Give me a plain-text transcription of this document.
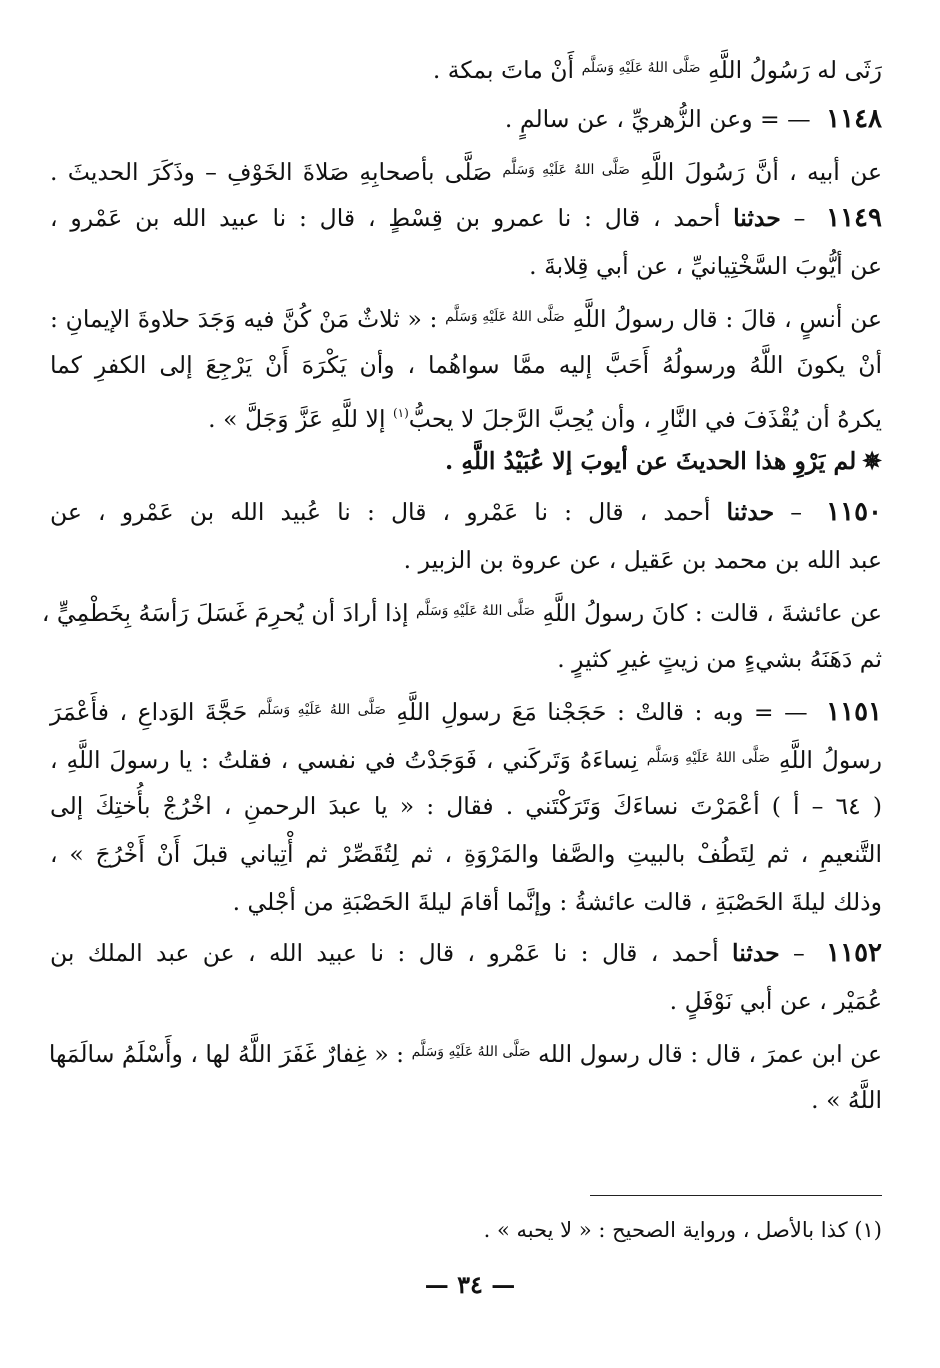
رَثَى له رَسُولُ اللَّهِ $^{صَلَّى اللهُ عَلَيْهِ وَسَلَّم}$ أَنْ ماتَ بمكة .
١١٤٨ — = وعن الزُّهريِّ ، عن سالمٍ .
عن أبيه ، أنَّ رَسُولَ اللَّهِ $^{صَلَّى اللهُ عَلَيْهِ وَسَلَّم}$ صَلَّى بأصحابِهِ صَلاةَ الخَوْفِ – وذَكَرَ الحديثَ .
١١٤٩ – حدثنا أحمد ، قال : نا عمرو بن قِسْطٍ ، قال : نا عبيد الله بن عَمْرو ،
عن أيُّوبَ السَّخْتِيانيِّ ، عن أبي قِلابةَ .
عن أنسٍ ، قالَ : قال رسولُ اللَّهِ $^{صَلَّى اللهُ عَلَيْهِ وَسَلَّم}$ : « ثلاثٌ مَنْ كُنَّ فيه وَجَدَ حلاوةَ الإيمانِ :
أنْ يكونَ اللَّهُ ورسولُهُ أَحَبَّ إليه ممَّا سواهُما ، وأن يَكْرَهَ أَنْ يَرْجِعَ إلى الكفرِ كما
يكرهُ أن يُقْذَفَ في النَّارِ ، وأن يُحِبَّ الرَّجلَ لا يحبُّ$^{(١)}$ إلا للَّهِ عَزَّ وَجَلَّ » .
✵لم يَرْوِ هذا الحديثَ عن أيوبَ إلا عُبَيْدُ اللَّهِ .
١١٥٠ – حدثنا أحمد ، قال : نا عَمْرو ، قال : نا عُبيد الله بن عَمْرو ، عن
عبد الله بن محمد بن عَقيل ، عن عروة بن الزبير .
عن عائشةَ ، قالت : كانَ رسولُ اللَّهِ $^{صَلَّى اللهُ عَلَيْهِ وَسَلَّم}$ إذا أرادَ أن يُحرِمَ غَسَلَ رَأسَهُ بِخَطْمِيٍّ ،
ثم دَهَنَهُ بشيءٍ من زيتٍ غيرِ كثيرٍ .
١١٥١ — = وبه : قالتْ : حَجَجْنا مَعَ رسولِ اللَّهِ $^{صَلَّى اللهُ عَلَيْهِ وَسَلَّم}$ حَجَّةَ الوَداعِ ، فأَعْمَرَ
رسولُ اللَّهِ $^{صَلَّى اللهُ عَلَيْهِ وَسَلَّم}$ نِساءَهُ وَتَركَني ، فَوَجَدْتُ في نفسي ، فقلتُ : يا رسولَ اللَّهِ ،
( ٦٤ – أ ) أعْمَرْتَ نساءَكَ وَتَرَكْتَني . فقال : « يا عبدَ الرحمنِ ، اخْرُجْ بأُختِكَ إلى
التَّنعيمِ ، ثم لِتَطُفْ بالبيتِ والصَّفا والمَرْوَةِ ، ثم لِتُقَصِّرْ ثم أْتِياني قبلَ أَنْ أَخْرُجَ » ،
وذلك ليلةَ الحَصْبَةِ ، قالت عائشةُ : وإنَّما أقامَ ليلةَ الحَصْبَةِ من أجْلي .
١١٥٢ – حدثنا أحمد ، قال : نا عَمْرو ، قال : نا عبيد الله ، عن عبد الملك بن
عُمَيْر ، عن أبي نَوْفَلٍ .
عن ابن عمرَ ، قال : قال رسول الله $^{صَلَّى اللهُ عَلَيْهِ وَسَلَّم}$ : « غِفارٌ غَفَرَ اللَّهُ لها ، وأَسْلَمُ سالَمَها
اللَّهُ » .
(١) كذا بالأصل ، ورواية الصحيح : « لا يحبه » .
— ٣٤ —
